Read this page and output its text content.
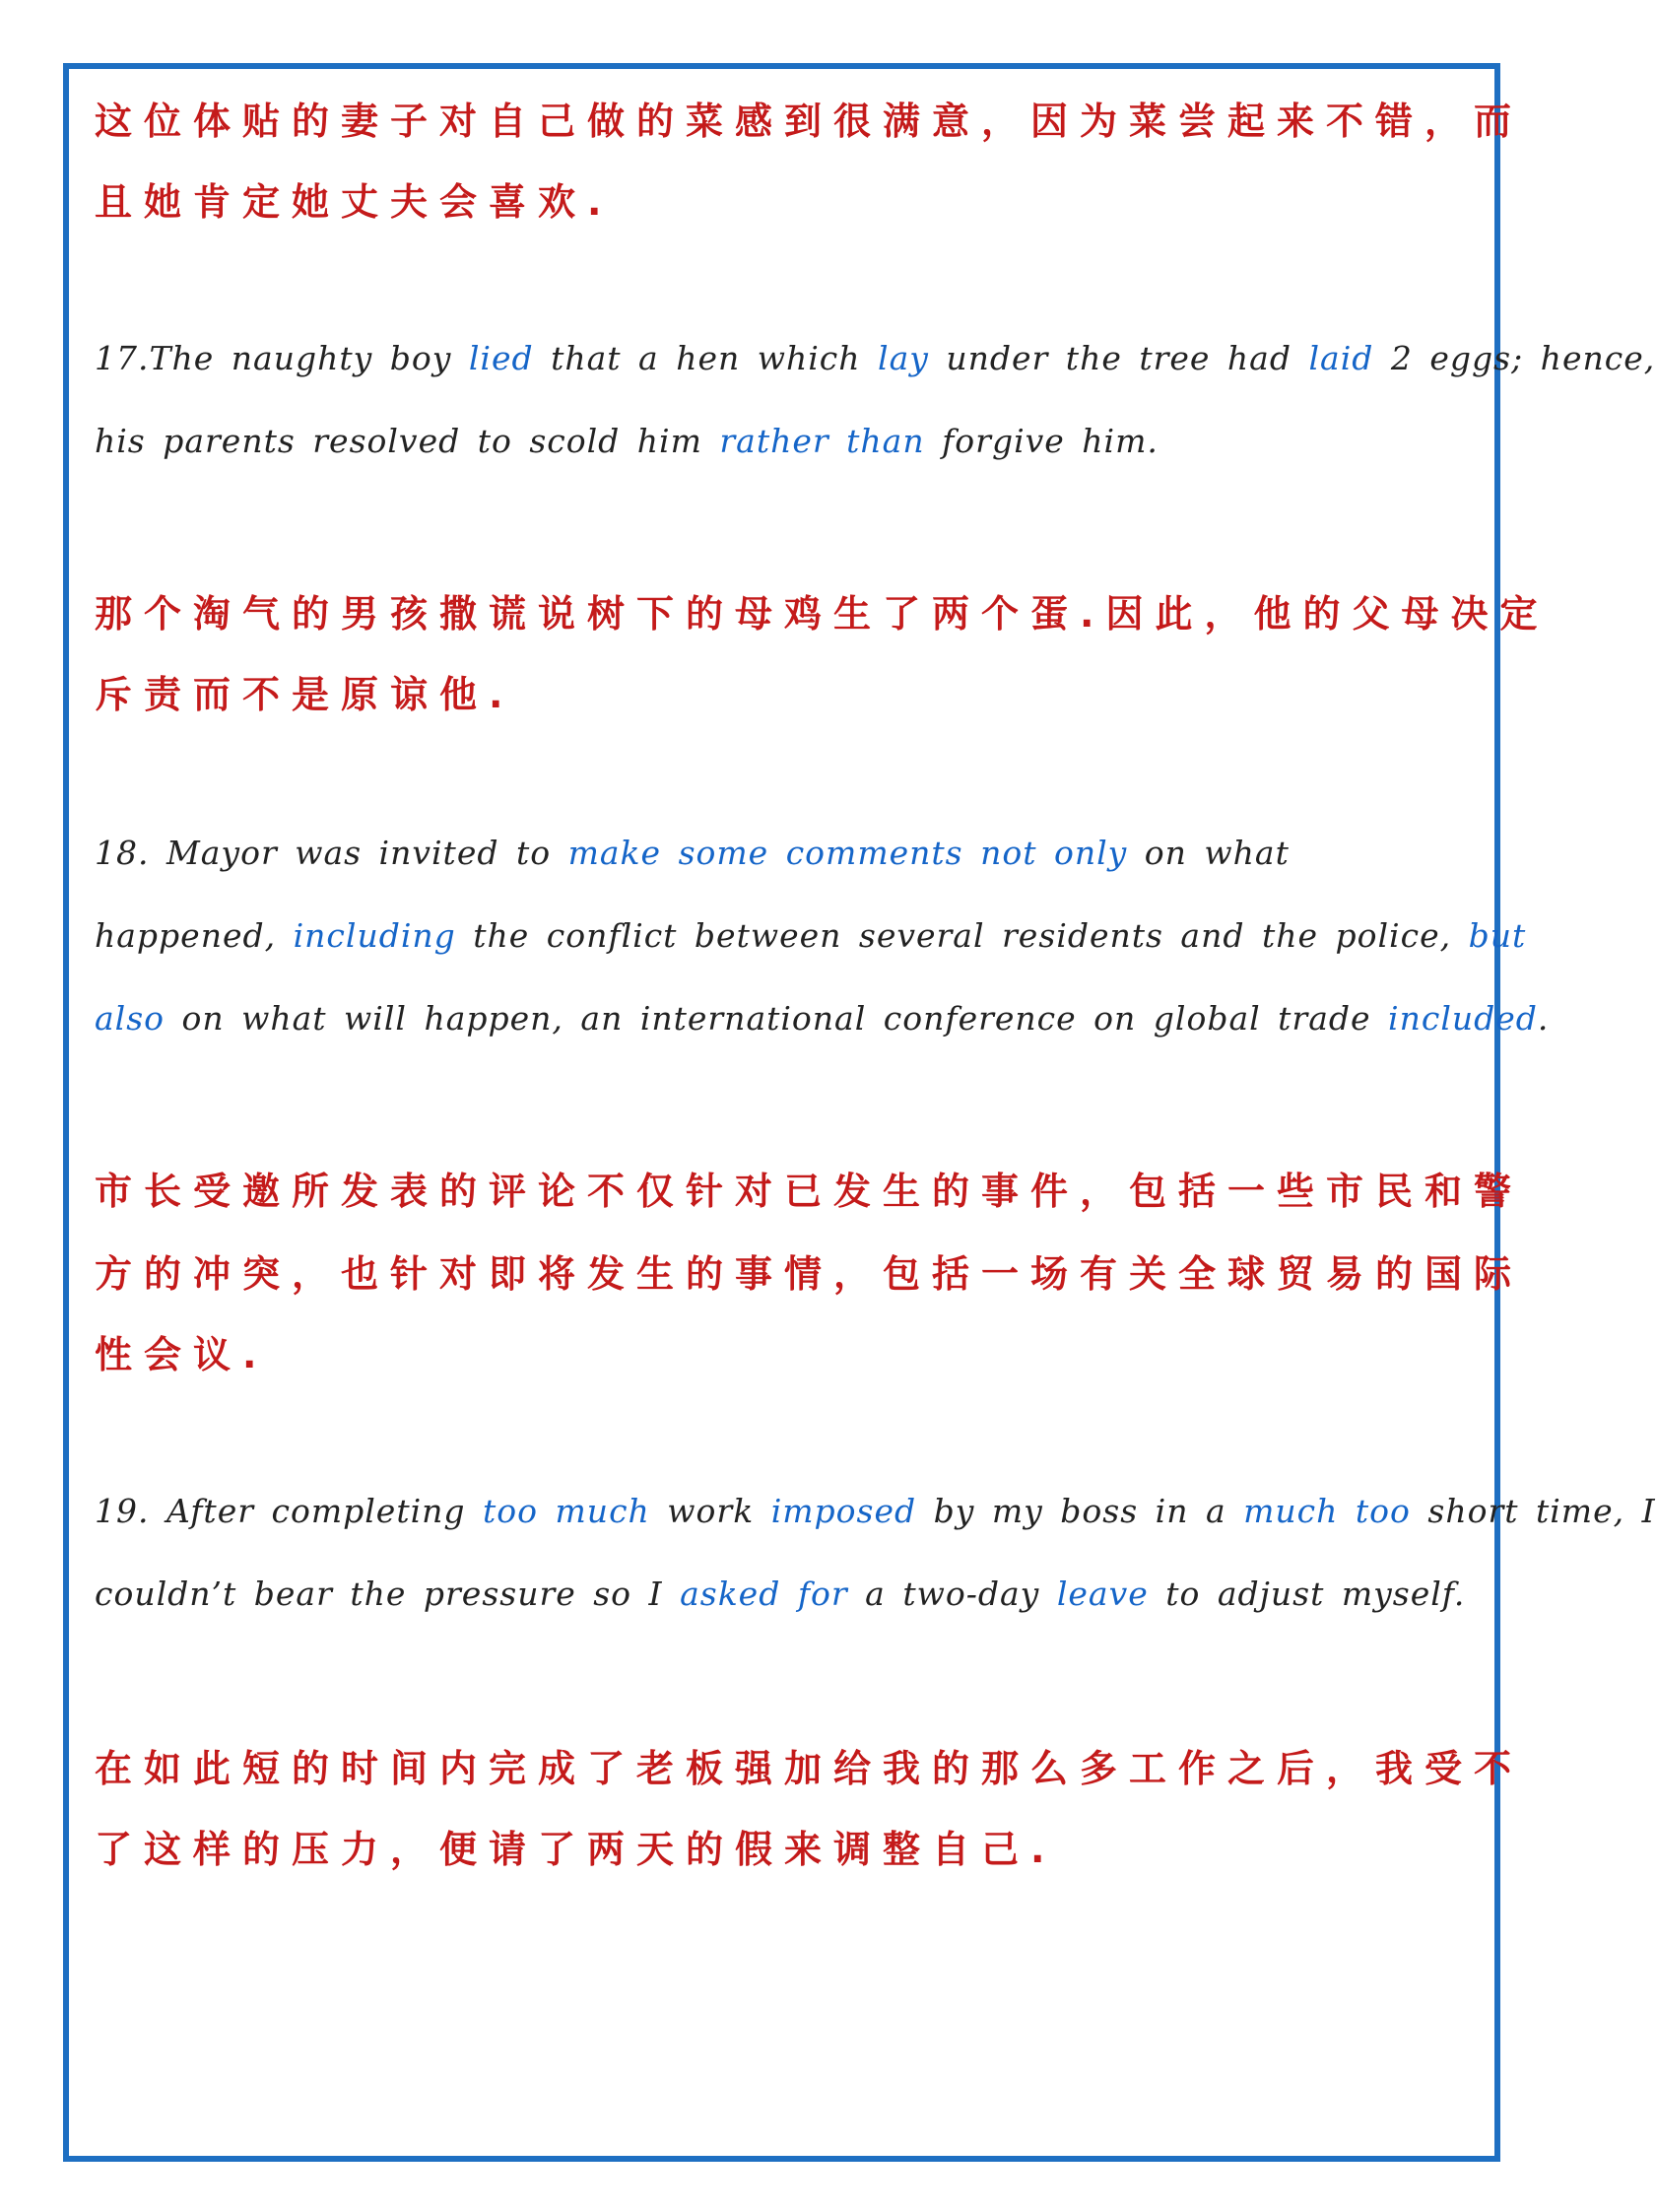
这位体贴的妻子对自己做的菜感到很满意，因为菜尝起来不错，而
且她肯定她丈夫会喜欢.
17.The naughty boy lied that a hen which lay under the tree had laid 2 eggs; hence,
his parents resolved to scold him rather than forgive him.
那个淘气的男孩撒谎说树下的母鸡生了两个蛋.因此，他的父母决定
斥责而不是原谅他.
18. Mayor was invited to make some comments not only on what
happened, including the conflict between several residents and the police, but
also on what will happen, an international conference on global trade included.
市长受邀所发表的评论不仅针对已发生的事件，包括一些市民和警
方的冲突，也针对即将发生的事情，包括一场有关全球贸易的国际
性会议.
19. After completing too much work imposed by my boss in a much too short time, I
couldn’t bear the pressure so I asked for a two-day leave to adjust myself.
在如此短的时间内完成了老板强加给我的那么多工作之后，我受不
了这样的压力，便请了两天的假来调整自己.
